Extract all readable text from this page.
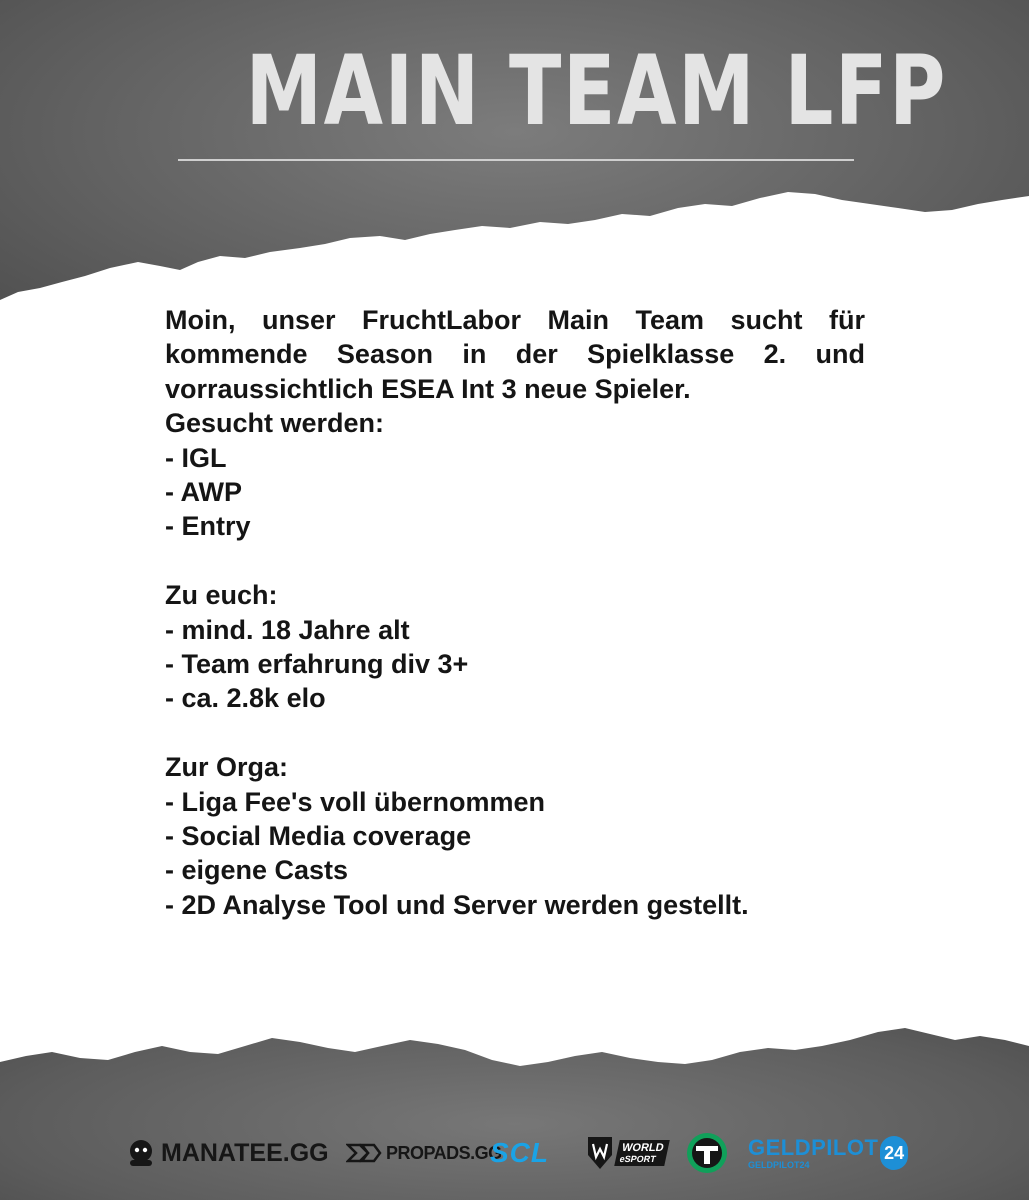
MAIN TEAM LFP

Moin, unser FruchtLabor Main Team sucht für kommende Season in der Spielklasse 2. und vorraussichtlich ESEA Int 3 neue Spieler.

Gesucht werden:
- IGL
- AWP
- Entry
Zu euch:
- mind. 18 Jahre alt
- Team erfahrung div 3+
- ca. 2.8k elo
Zur Orga:
- Liga Fee's voll übernommen
- Social Media coverage
- eigene Casts
- 2D Analyse Tool und Server werden gestellt.
MANATEE .GG	PROPADS.GG
SCL	WORLD
eSPORT	GELDPILOT
GELDPILOT24
24
